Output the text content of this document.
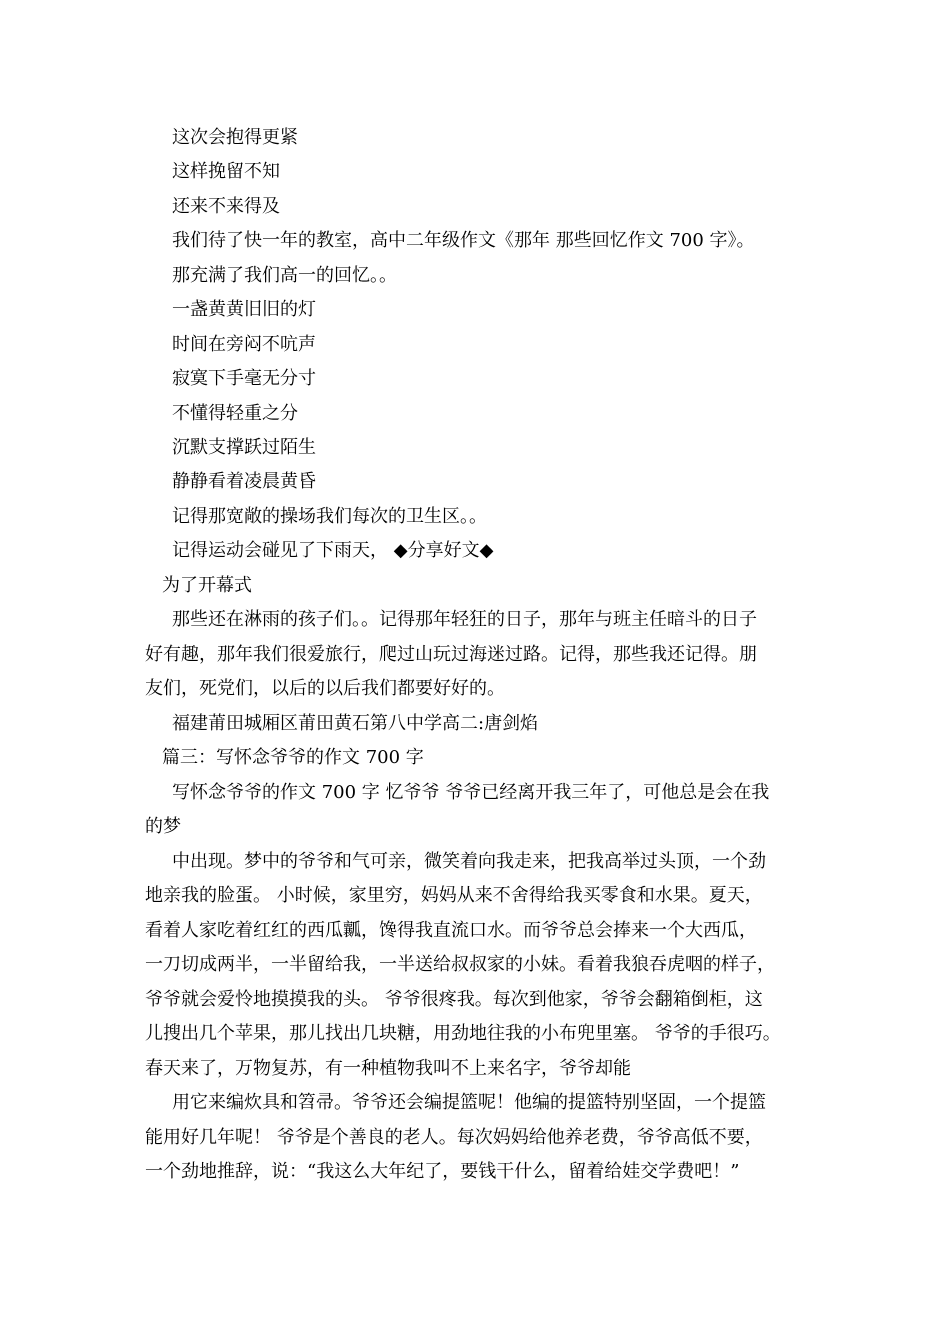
这次会抱得更紧
这样挽留不知
还来不来得及
我们待了快一年的教室，高中二年级作文《那年 那些回忆作文 700 字》。
那充满了我们高一的回忆。。
一盏黄黄旧旧的灯
时间在旁闷不吭声
寂寞下手毫无分寸
不懂得轻重之分
沉默支撑跃过陌生
静静看着凌晨黄昏
记得那宽敞的操场我们每次的卫生区。。
记得运动会碰见了下雨天， ◆分享好文◆
为了开幕式
那些还在淋雨的孩子们。。记得那年轻狂的日子，那年与班主任暗斗的日子
好有趣，那年我们很爱旅行，爬过山玩过海迷过路。记得，那些我还记得。朋
友们，死党们，以后的以后我们都要好好的。
福建莆田城厢区莆田黄石第八中学高二:唐剑焰
篇三：写怀念爷爷的作文 700 字
写怀念爷爷的作文 700 字 忆爷爷 爷爷已经离开我三年了，可他总是会在我
的梦
中出现。梦中的爷爷和气可亲，微笑着向我走来，把我高举过头顶，一个劲
地亲我的脸蛋。 小时候，家里穷，妈妈从来不舍得给我买零食和水果。夏天，
看着人家吃着红红的西瓜瓤，馋得我直流口水。而爷爷总会捧来一个大西瓜，
一刀切成两半，一半留给我，一半送给叔叔家的小妹。看着我狼吞虎咽的样子，
爷爷就会爱怜地摸摸我的头。 爷爷很疼我。每次到他家，爷爷会翻箱倒柜，这
儿搜出几个苹果，那儿找出几块糖，用劲地往我的小布兜里塞。 爷爷的手很巧。
春天来了，万物复苏，有一种植物我叫不上来名字，爷爷却能
用它来编炊具和笤帚。爷爷还会编提篮呢！他编的提篮特别坚固，一个提篮
能用好几年呢！ 爷爷是个善良的老人。每次妈妈给他养老费，爷爷高低不要，
一个劲地推辞，说：“我这么大年纪了，要钱干什么，留着给娃交学费吧！”
